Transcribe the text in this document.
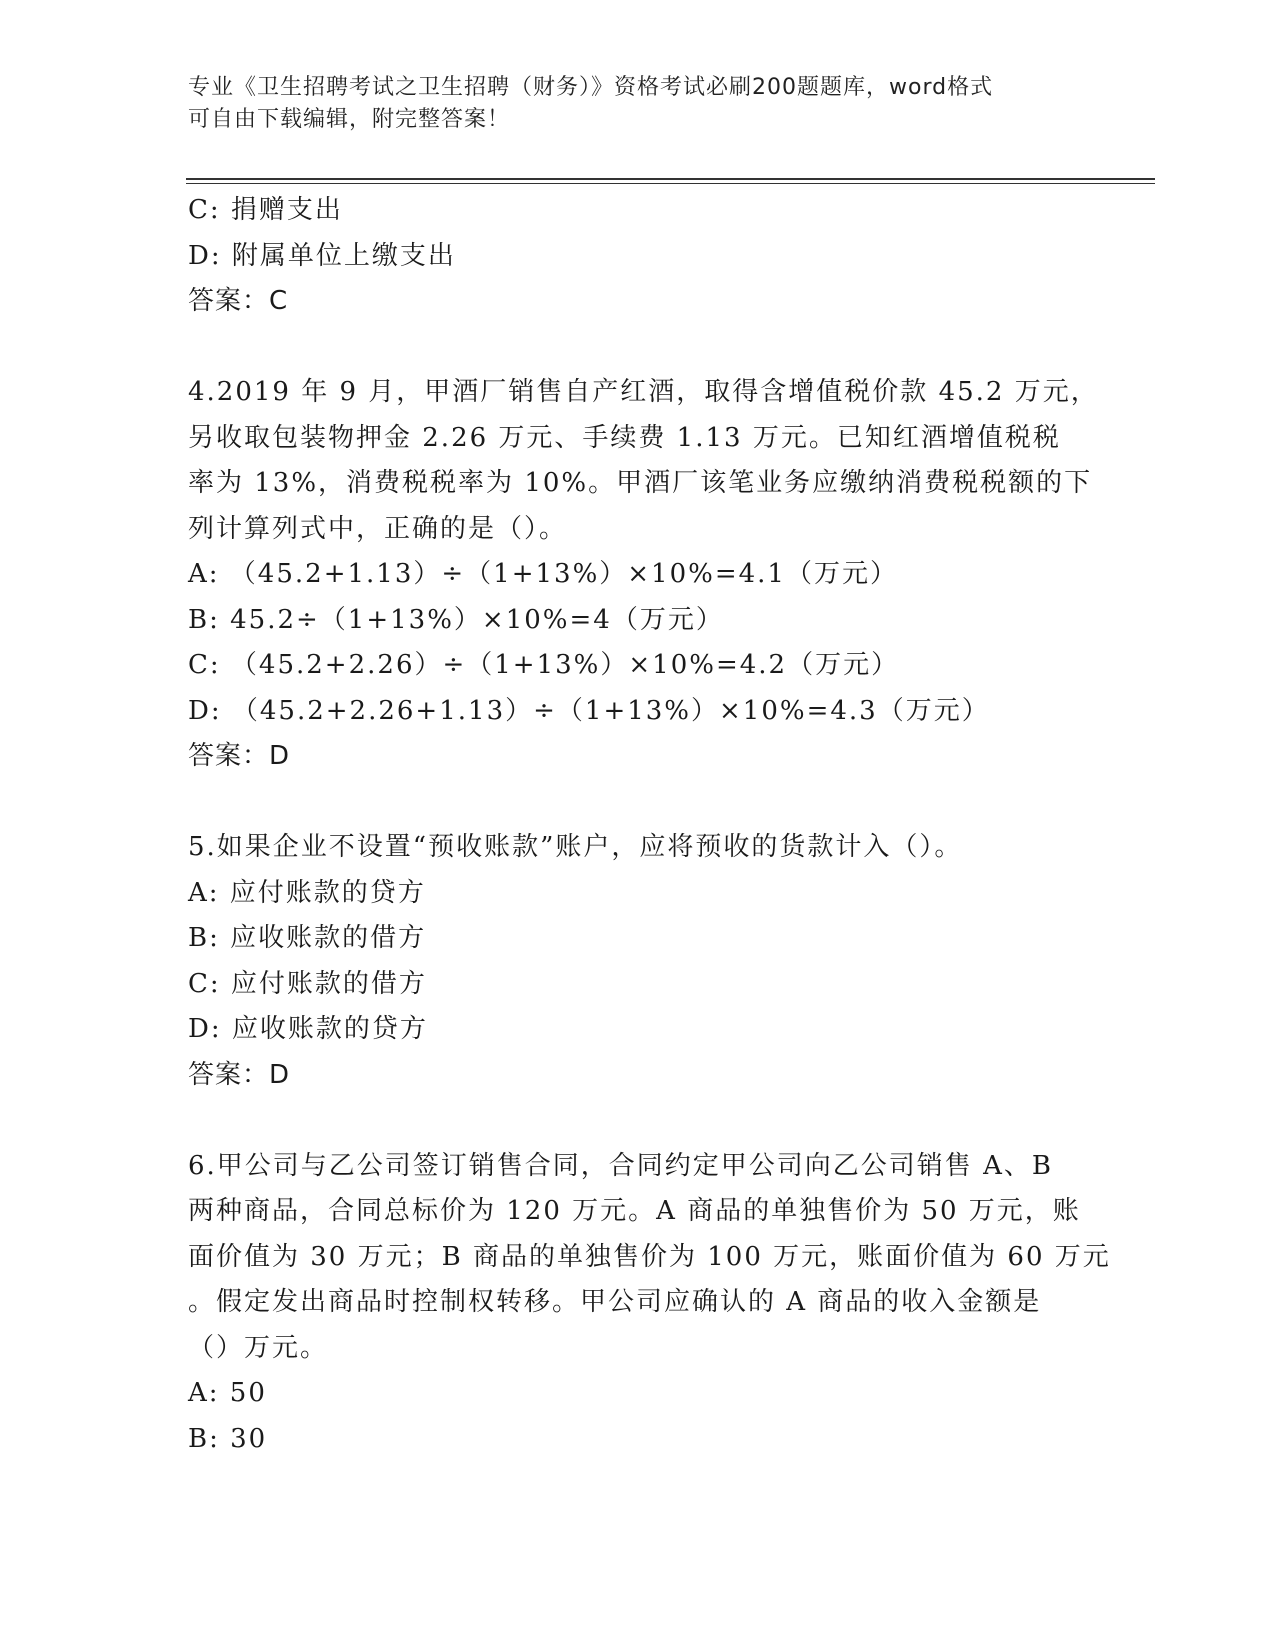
专业《卫生招聘考试之卫生招聘（财务）》资格考试必刷200题题库，word格式
可自由下载编辑，附完整答案！
C: 捐赠支出
D: 附属单位上缴支出
答案：C
4.2019 年 9 月，甲酒厂销售自产红酒，取得含增值税价款 45.2 万元，
另收取包装物押金 2.26 万元、手续费 1.13 万元。已知红酒增值税税
率为 13%，消费税税率为 10%。甲酒厂该笔业务应缴纳消费税税额的下
列计算列式中，正确的是（）。
A: （45.2+1.13）÷（1+13%）×10%=4.1（万元）
B: 45.2÷（1+13%）×10%=4（万元）
C: （45.2+2.26）÷（1+13%）×10%=4.2（万元）
D: （45.2+2.26+1.13）÷（1+13%）×10%=4.3（万元）
答案：D
5.如果企业不设置“预收账款”账户，应将预收的货款计入（）。
A: 应付账款的贷方
B: 应收账款的借方
C: 应付账款的借方
D: 应收账款的贷方
答案：D
6.甲公司与乙公司签订销售合同，合同约定甲公司向乙公司销售 A、B
两种商品，合同总标价为 120 万元。A 商品的单独售价为 50 万元，账
面价值为 30 万元；B 商品的单独售价为 100 万元，账面价值为 60 万元
。假定发出商品时控制权转移。甲公司应确认的 A 商品的收入金额是
（）万元。
A: 50
B: 30
